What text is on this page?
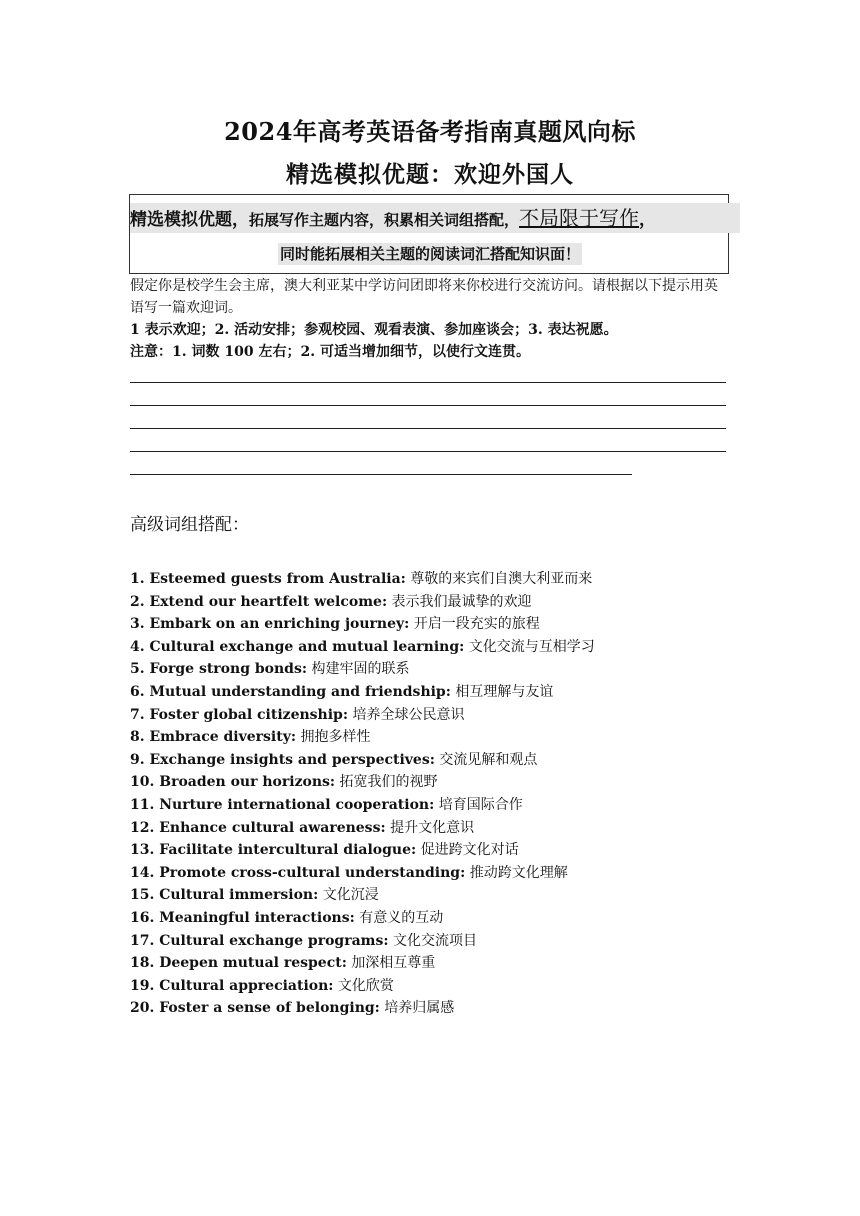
2024年高考英语备考指南真题风向标
精选模拟优题：欢迎外国人
精选模拟优题，拓展写作主题内容，积累相关词组搭配，不局限于写作，
同时能拓展相关主题的阅读词汇搭配知识面！

假定你是校学生会主席，澳大利亚某中学访问团即将来你校进行交流访问。请根据以下提示用英语写一篇欢迎词。

1 表示欢迎；2. 活动安排；参观校园、观看表演、参加座谈会；3. 表达祝愿。

注意：1. 词数 100 左右；2. 可适当增加细节，以使行文连贯。

高级词组搭配：
1. Esteemed guests from Australia: 尊敬的来宾们自澳大利亚而来
2. Extend our heartfelt welcome: 表示我们最诚挚的欢迎
3. Embark on an enriching journey: 开启一段充实的旅程
4. Cultural exchange and mutual learning: 文化交流与互相学习
5. Forge strong bonds: 构建牢固的联系
6. Mutual understanding and friendship: 相互理解与友谊
7. Foster global citizenship: 培养全球公民意识
8. Embrace diversity: 拥抱多样性
9. Exchange insights and perspectives: 交流见解和观点
10. Broaden our horizons: 拓宽我们的视野
11. Nurture international cooperation: 培育国际合作
12. Enhance cultural awareness: 提升文化意识
13. Facilitate intercultural dialogue: 促进跨文化对话
14. Promote cross-cultural understanding: 推动跨文化理解
15. Cultural immersion: 文化沉浸
16. Meaningful interactions: 有意义的互动
17. Cultural exchange programs: 文化交流项目
18. Deepen mutual respect: 加深相互尊重
19. Cultural appreciation: 文化欣赏
20. Foster a sense of belonging: 培养归属感
